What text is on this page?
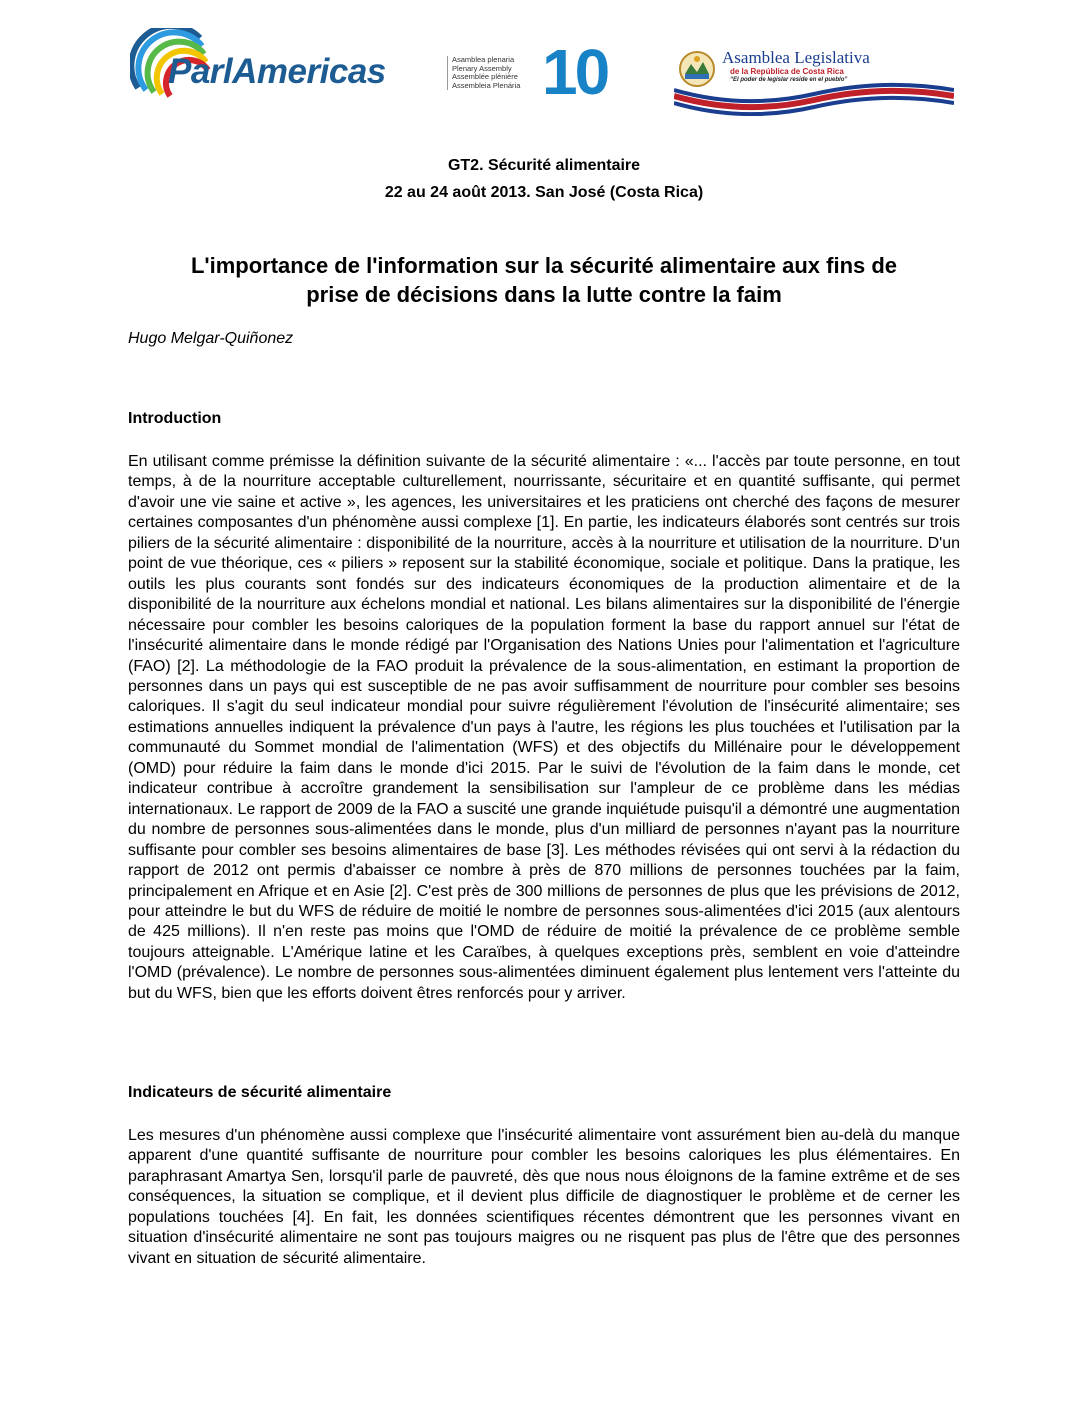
ParlAmericas	Asamblea plenaria
Plenary Assembly
Assemblée plénière
Assembleia Plenária 10	Asamblea Legislativa
de la República de Costa Rica
“El poder de legislar reside en el pueblo”
GT2. Sécurité alimentaire
22 au 24 août 2013. San José (Costa Rica)
L'importance de l'information sur la sécurité alimentaire aux fins de
prise de décisions dans la lutte contre la faim
Hugo Melgar-Quiñonez
Introduction
En utilisant comme prémisse la définition suivante de la sécurité alimentaire : «... l'accès par toute personne, en tout temps, à de la nourriture acceptable culturellement, nourrissante, sécuritaire et en quantité suffisante, qui permet d'avoir une vie saine et active », les agences, les universitaires et les praticiens ont cherché des façons de mesurer certaines composantes d'un phénomène aussi complexe [1]. En partie, les indicateurs élaborés sont centrés sur trois piliers de la sécurité alimentaire : disponibilité de la nourriture, accès à la nourriture et utilisation de la nourriture. D'un point de vue théorique, ces « piliers » reposent sur la stabilité économique, sociale et politique. Dans la pratique, les outils les plus courants sont fondés sur des indicateurs économiques de la production alimentaire et de la disponibilité de la nourriture aux échelons mondial et national. Les bilans alimentaires sur la disponibilité de l'énergie nécessaire pour combler les besoins caloriques de la population forment la base du rapport annuel sur l'état de l'insécurité alimentaire dans le monde rédigé par l'Organisation des Nations Unies pour l'alimentation et l'agriculture (FAO) [2]. La méthodologie de la FAO produit la prévalence de la sous-alimentation, en estimant la proportion de personnes dans un pays qui est susceptible de ne pas avoir suffisamment de nourriture pour combler ses besoins caloriques. Il s'agit du seul indicateur mondial pour suivre régulièrement l'évolution de l'insécurité alimentaire; ses estimations annuelles indiquent la prévalence d'un pays à l'autre, les régions les plus touchées et l'utilisation par la communauté du Sommet mondial de l'alimentation (WFS) et des objectifs du Millénaire pour le développement (OMD) pour réduire la faim dans le monde d'ici 2015. Par le suivi de l'évolution de la faim dans le monde, cet indicateur contribue à accroître grandement la sensibilisation sur l'ampleur de ce problème dans les médias internationaux. Le rapport de 2009 de la FAO a suscité une grande inquiétude puisqu'il a démontré une augmentation du nombre de personnes sous-alimentées dans le monde, plus d'un milliard de personnes n'ayant pas la nourriture suffisante pour combler ses besoins alimentaires de base [3]. Les méthodes révisées qui ont servi à la rédaction du rapport de 2012 ont permis d'abaisser ce nombre à près de 870 millions de personnes touchées par la faim, principalement en Afrique et en Asie [2]. C'est près de 300 millions de personnes de plus que les prévisions de 2012, pour atteindre le but du WFS de réduire de moitié le nombre de personnes sous-alimentées d'ici 2015 (aux alentours de 425 millions). Il n'en reste pas moins que l'OMD de réduire de moitié la prévalence de ce problème semble toujours atteignable. L'Amérique latine et les Caraïbes, à quelques exceptions près, semblent en voie d'atteindre l'OMD (prévalence). Le nombre de personnes sous-alimentées diminuent également plus lentement vers l'atteinte du but du WFS, bien que les efforts doivent êtres renforcés pour y arriver.
Indicateurs de sécurité alimentaire
Les mesures d'un phénomène aussi complexe que l'insécurité alimentaire vont assurément bien au-delà du manque apparent d'une quantité suffisante de nourriture pour combler les besoins caloriques les plus élémentaires. En paraphrasant Amartya Sen, lorsqu'il parle de pauvreté, dès que nous nous éloignons de la famine extrême et de ses conséquences, la situation se complique, et il devient plus difficile de diagnostiquer le problème et de cerner les populations touchées [4]. En fait, les données scientifiques récentes démontrent que les personnes vivant en situation d'insécurité alimentaire ne sont pas toujours maigres ou ne risquent pas plus de l'être que des personnes vivant en situation de sécurité alimentaire.
